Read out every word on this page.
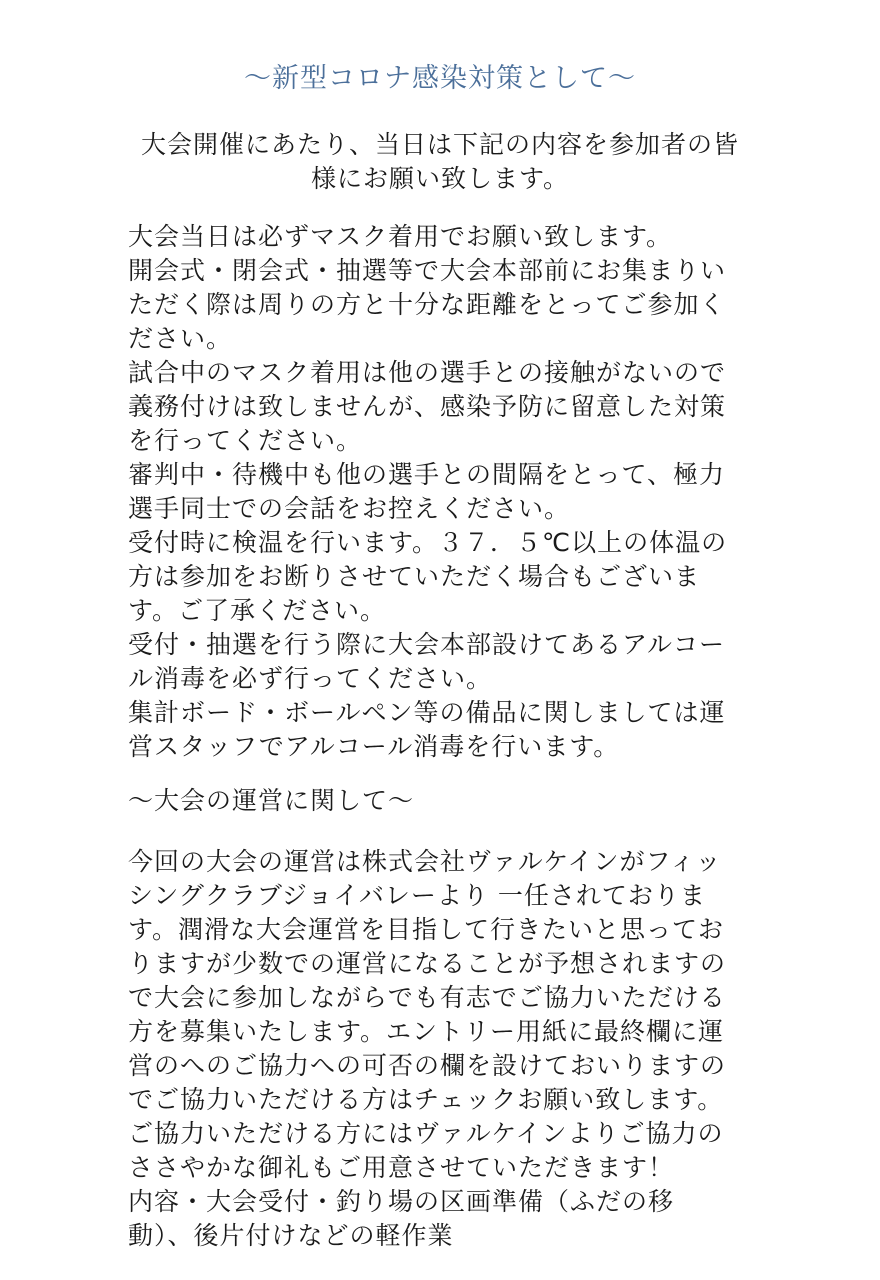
〜新型コロナ感染対策として〜
大会開催にあたり、当日は下記の内容を参加者の皆
様にお願い致します。
大会当日は必ずマスク着用でお願い致します。
開会式・閉会式・抽選等で大会本部前にお集まりい
ただく際は周りの方と十分な距離をとってご参加く
ださい。
試合中のマスク着用は他の選手との接触がないので
義務付けは致しませんが、感染予防に留意した対策
を行ってください。
審判中・待機中も他の選手との間隔をとって、極力
選手同士での会話をお控えください。
受付時に検温を行います。３７．５℃以上の体温の
方は参加をお断りさせていただく場合もございま
す。ご了承ください。
受付・抽選を行う際に大会本部設けてあるアルコー
ル消毒を必ず行ってください。
集計ボード・ボールペン等の備品に関しましては運
営スタッフでアルコール消毒を行います。
〜大会の運営に関して〜
今回の大会の運営は株式会社ヴァルケインがフィッ
シングクラブジョイバレーより 一任されておりま
す。潤滑な大会運営を目指して行きたいと思ってお
りますが少数での運営になることが予想されますの
で大会に参加しながらでも有志でご協力いただける
方を募集いたします。エントリー用紙に最終欄に運
営のへのご協力への可否の欄を設けておいりますの
でご協力いただける方はチェックお願い致します。
ご協力いただける方にはヴァルケインよりご協力の
ささやかな御礼もご用意させていただきます！
内容・大会受付・釣り場の区画準備（ふだの移
動）、後片付けなどの軽作業
